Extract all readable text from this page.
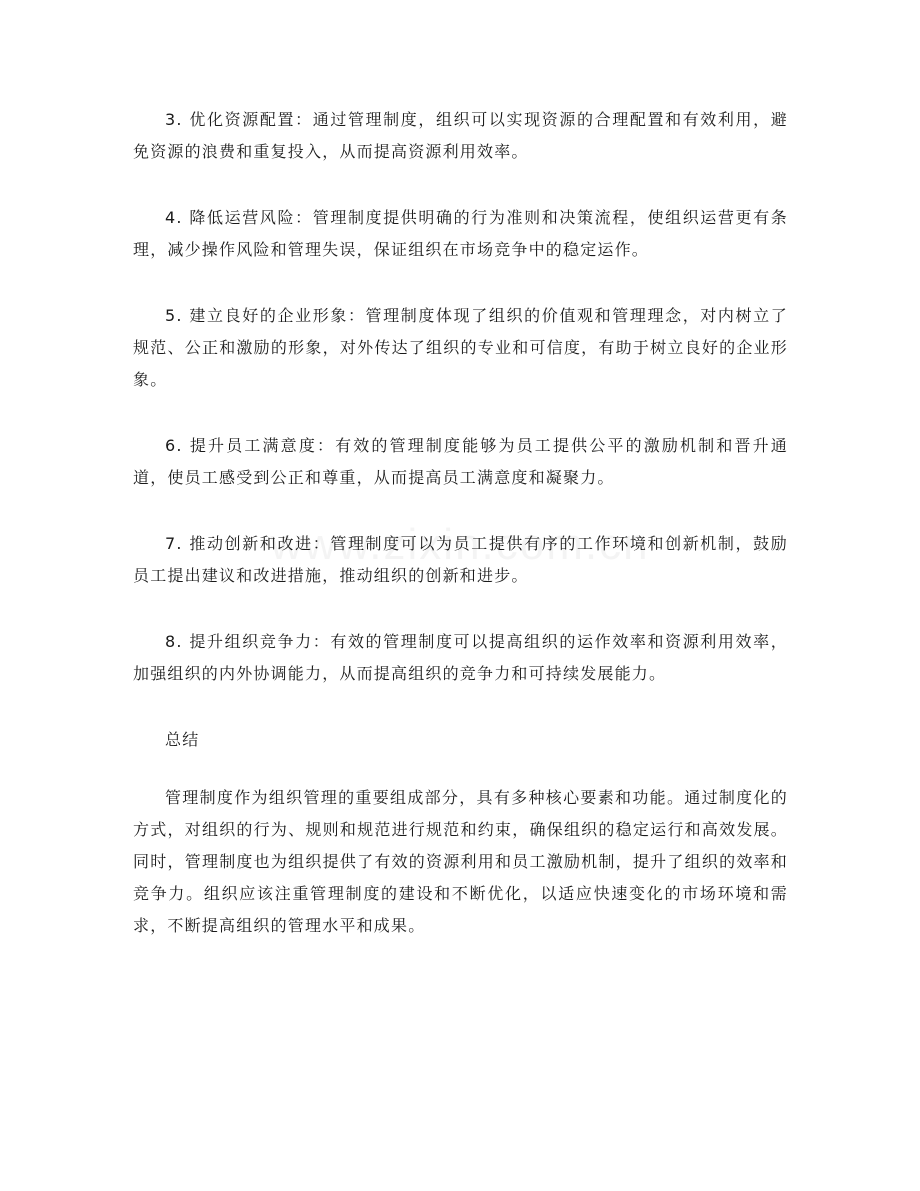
3. 优化资源配置：通过管理制度，组织可以实现资源的合理配置和有效利用，避免资源的浪费和重复投入，从而提高资源利用效率。

4. 降低运营风险：管理制度提供明确的行为准则和决策流程，使组织运营更有条理，减少操作风险和管理失误，保证组织在市场竞争中的稳定运作。

5. 建立良好的企业形象：管理制度体现了组织的价值观和管理理念，对内树立了规范、公正和激励的形象，对外传达了组织的专业和可信度，有助于树立良好的企业形象。

6. 提升员工满意度：有效的管理制度能够为员工提供公平的激励机制和晋升通道，使员工感受到公正和尊重，从而提高员工满意度和凝聚力。

7. 推动创新和改进：管理制度可以为员工提供有序的工作环境和创新机制，鼓励员工提出建议和改进措施，推动组织的创新和进步。

8. 提升组织竞争力：有效的管理制度可以提高组织的运作效率和资源利用效率，加强组织的内外协调能力，从而提高组织的竞争力和可持续发展能力。

总结

管理制度作为组织管理的重要组成部分，具有多种核心要素和功能。通过制度化的方式，对组织的行为、规则和规范进行规范和约束，确保组织的稳定运行和高效发展。同时，管理制度也为组织提供了有效的资源利用和员工激励机制，提升了组织的效率和竞争力。组织应该注重管理制度的建设和不断优化，以适应快速变化的市场环境和需求，不断提高组织的管理水平和成果。
